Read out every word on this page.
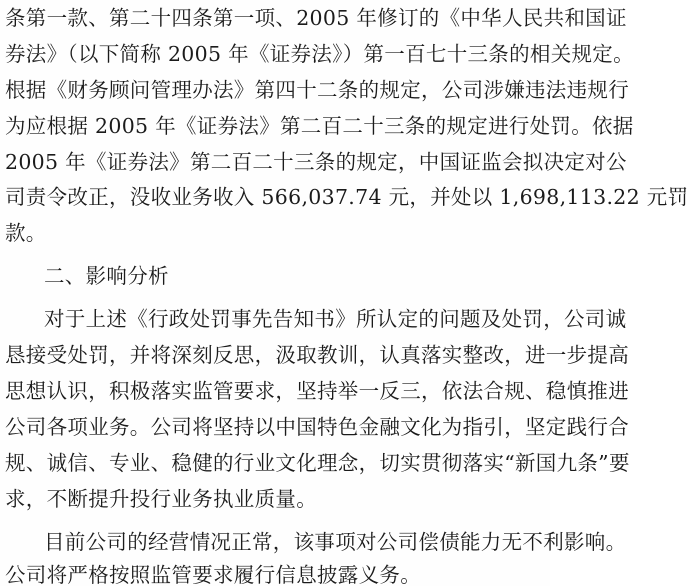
条第一款、第二十四条第一项、2005 年修订的《中华人民共和国证
券法》（以下简称 2005 年《证券法》）第一百七十三条的相关规定。
根据《财务顾问管理办法》第四十二条的规定，公司涉嫌违法违规行
为应根据 2005 年《证券法》第二百二十三条的规定进行处罚。依据
2005 年《证券法》第二百二十三条的规定，中国证监会拟决定对公
司责令改正，没收业务收入 566,037.74 元，并处以 1,698,113.22 元罚
款。
二、影响分析
对于上述《行政处罚事先告知书》所认定的问题及处罚，公司诚
恳接受处罚，并将深刻反思，汲取教训，认真落实整改，进一步提高
思想认识，积极落实监管要求，坚持举一反三，依法合规、稳慎推进
公司各项业务。公司将坚持以中国特色金融文化为指引，坚定践行合
规、诚信、专业、稳健的行业文化理念，切实贯彻落实“新国九条”要
求，不断提升投行业务执业质量。
目前公司的经营情况正常，该事项对公司偿债能力无不利影响。
公司将严格按照监管要求履行信息披露义务。
